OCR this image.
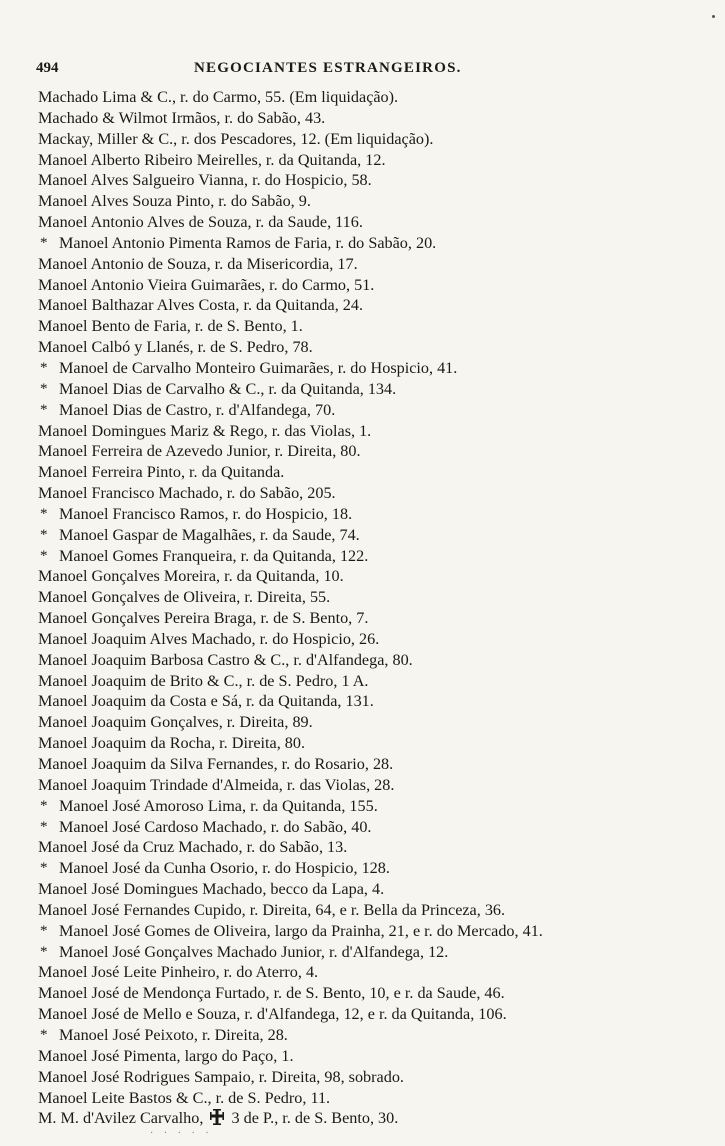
494	NEGOCIANTES ESTRANGEIROS.
Machado Lima & C., r. do Carmo, 55. (Em liquidação).
Machado & Wilmot Irmãos, r. do Sabão, 43.
Mackay, Miller & C., r. dos Pescadores, 12. (Em liquidação).
Manoel Alberto Ribeiro Meirelles, r. da Quitanda, 12.
Manoel Alves Salgueiro Vianna, r. do Hospicio, 58.
Manoel Alves Souza Pinto, r. do Sabão, 9.
Manoel Antonio Alves de Souza, r. da Saude, 116.
* Manoel Antonio Pimenta Ramos de Faria, r. do Sabão, 20.
Manoel Antonio de Souza, r. da Misericordia, 17.
Manoel Antonio Vieira Guimarães, r. do Carmo, 51.
Manoel Balthazar Alves Costa, r. da Quitanda, 24.
Manoel Bento de Faria, r. de S. Bento, 1.
Manoel Calbó y Llanés, r. de S. Pedro, 78.
* Manoel de Carvalho Monteiro Guimarães, r. do Hospicio, 41.
* Manoel Dias de Carvalho & C., r. da Quitanda, 134.
* Manoel Dias de Castro, r. d'Alfandega, 70.
Manoel Domingues Mariz & Rego, r. das Violas, 1.
Manoel Ferreira de Azevedo Junior, r. Direita, 80.
Manoel Ferreira Pinto, r. da Quitanda.
Manoel Francisco Machado, r. do Sabão, 205.
* Manoel Francisco Ramos, r. do Hospicio, 18.
* Manoel Gaspar de Magalhães, r. da Saude, 74.
* Manoel Gomes Franqueira, r. da Quitanda, 122.
Manoel Gonçalves Moreira, r. da Quitanda, 10.
Manoel Gonçalves de Oliveira, r. Direita, 55.
Manoel Gonçalves Pereira Braga, r. de S. Bento, 7.
Manoel Joaquim Alves Machado, r. do Hospicio, 26.
Manoel Joaquim Barbosa Castro & C., r. d'Alfandega, 80.
Manoel Joaquim de Brito & C., r. de S. Pedro, 1 A.
Manoel Joaquim da Costa e Sá, r. da Quitanda, 131.
Manoel Joaquim Gonçalves, r. Direita, 89.
Manoel Joaquim da Rocha, r. Direita, 80.
Manoel Joaquim da Silva Fernandes, r. do Rosario, 28.
Manoel Joaquim Trindade d'Almeida, r. das Violas, 28.
* Manoel José Amoroso Lima, r. da Quitanda, 155.
* Manoel José Cardoso Machado, r. do Sabão, 40.
Manoel José da Cruz Machado, r. do Sabão, 13.
* Manoel José da Cunha Osorio, r. do Hospicio, 128.
Manoel José Domingues Machado, becco da Lapa, 4.
Manoel José Fernandes Cupido, r. Direita, 64, e r. Bella da Princeza, 36.
* Manoel José Gomes de Oliveira, largo da Prainha, 21, e r. do Mercado, 41.
* Manoel José Gonçalves Machado Junior, r. d'Alfandega, 12.
Manoel José Leite Pinheiro, r. do Aterro, 4.
Manoel José de Mendonça Furtado, r. de S. Bento, 10, e r. da Saude, 46.
Manoel José de Mello e Souza, r. d'Alfandega, 12, e r. da Quitanda, 106.
* Manoel José Peixoto, r. Direita, 28.
Manoel José Pimenta, largo do Paço, 1.
Manoel José Rodrigues Sampaio, r. Direita, 98, sobrado.
Manoel Leite Bastos & C., r. de S. Pedro, 11.
M. M. d'Avilez Carvalho,  3 de P., r. de S. Bento, 30.
· · · · ·
